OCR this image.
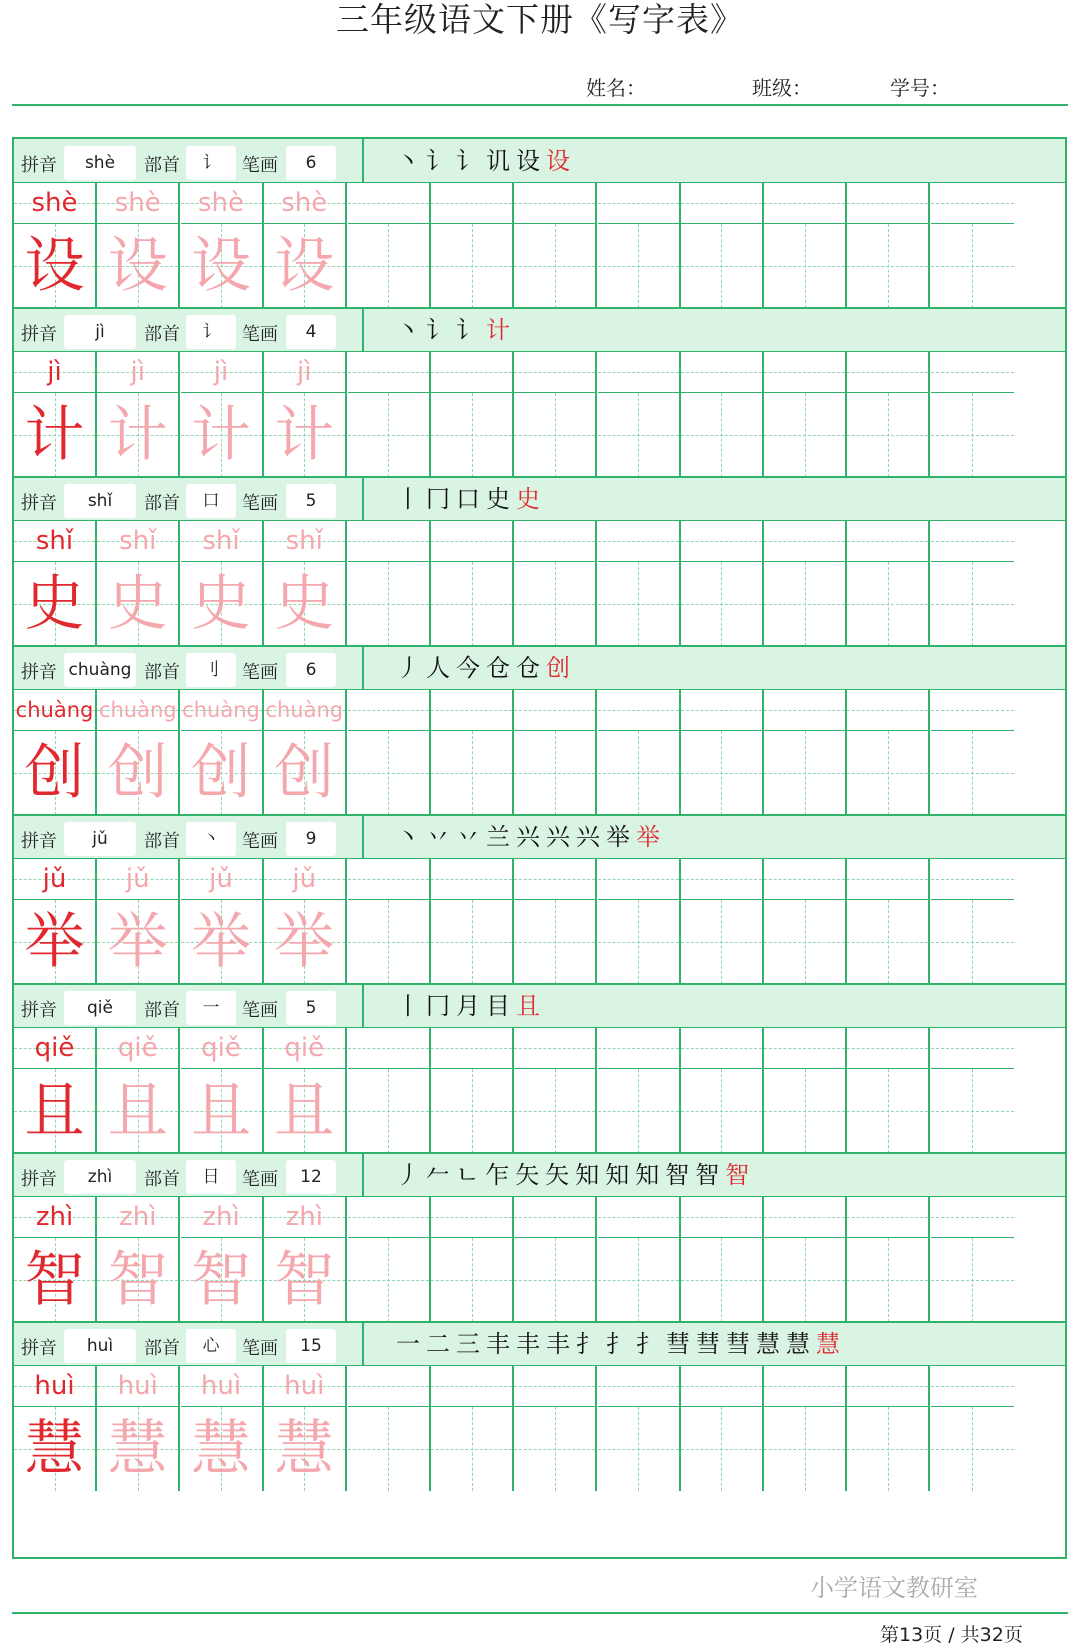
三年级语文下册《写字表》
姓名：	班级：	学号：
拼音	shè	部首	讠	笔画	6	丶讠讠讥设设
shè
设
shè
设
shè
设
shè
设
拼音	jì	部首	讠	笔画	4	丶讠讠计
jì
计
jì
计
jì
计
jì
计
拼音	shǐ	部首	口	笔画	5	丨冂口史史
shǐ
史
shǐ
史
shǐ
史
shǐ
史
拼音 chuàng 部首	刂	笔画	6	丿人今仓仓创
chuàng
创
chuàng
创
chuàng
创
chuàng
创
拼音	jǔ	部首	丶	笔画	9	丶丷丷兰兴兴兴举举
jǔ
举
jǔ
举
jǔ
举
jǔ
举
拼音	qiě	部首	一	笔画	5	丨冂月目且
qiě
且
qiě
且
qiě
且
qiě
且
拼音	zhì	部首	日	笔画	12	丿𠂉ㄴ乍矢矢知知知智智智
zhì
智
zhì
智
zhì
智
zhì
智
拼音	huì	部首	心	笔画	15	一二三丰丰丰扌扌扌彗彗彗慧慧慧
huì
慧
huì
慧
huì
慧
huì
慧
小学语文教研室
第13页 / 共32页
